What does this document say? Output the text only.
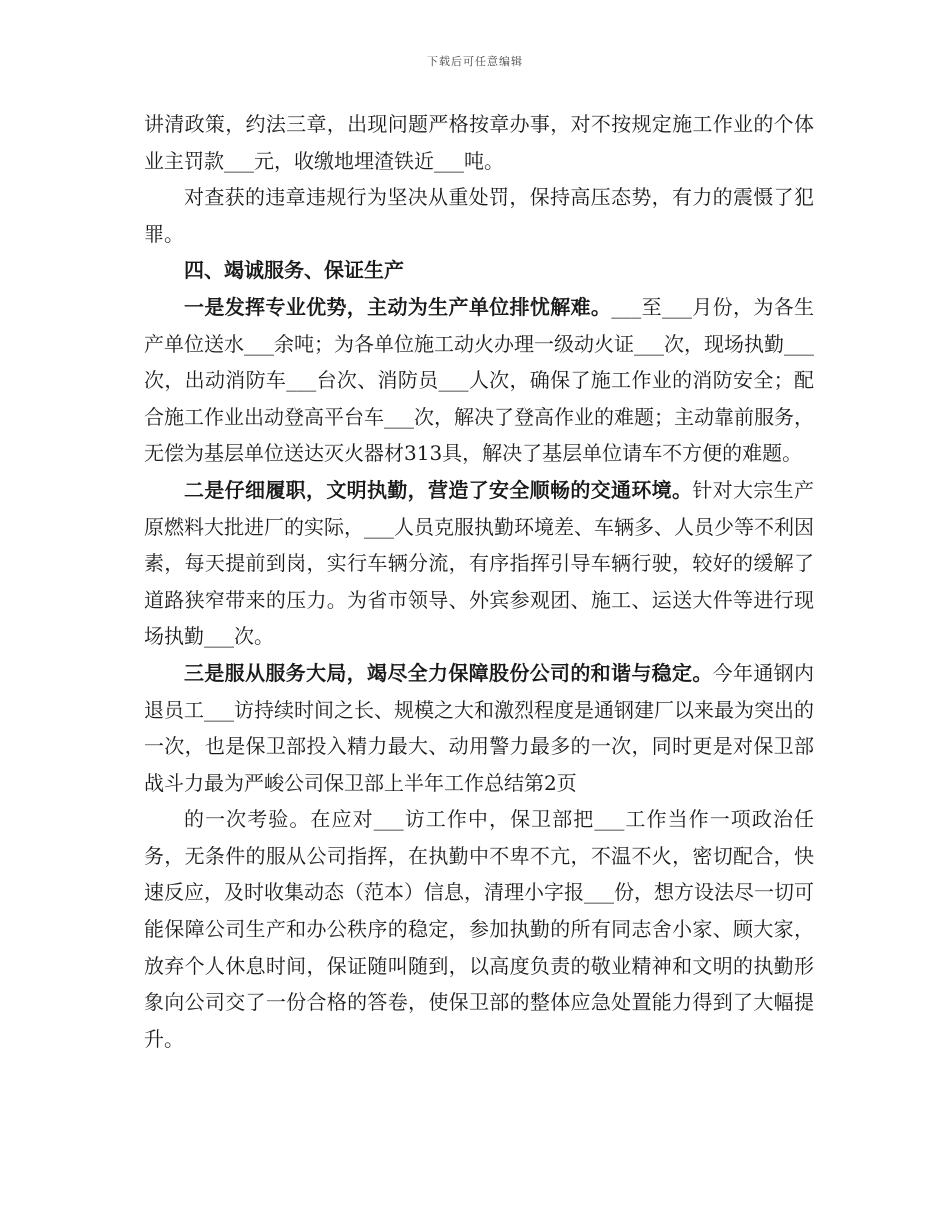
下载后可任意编辑

讲清政策，约法三章，出现问题严格按章办事，对不按规定施工作业的个体业主罚款___元，收缴地埋渣铁近___吨。

对查获的违章违规行为坚决从重处罚，保持高压态势，有力的震慑了犯罪。

四、竭诚服务、保证生产

一是发挥专业优势，主动为生产单位排忧解难。___至___月份，为各生产单位送水___余吨；为各单位施工动火办理一级动火证___次，现场执勤___次，出动消防车___台次、消防员___人次，确保了施工作业的消防安全；配合施工作业出动登高平台车___次，解决了登高作业的难题；主动靠前服务，无偿为基层单位送达灭火器材313具，解决了基层单位请车不方便的难题。

二是仔细履职，文明执勤，营造了安全顺畅的交通环境。针对大宗生产原燃料大批进厂的实际，___人员克服执勤环境差、车辆多、人员少等不利因素，每天提前到岗，实行车辆分流，有序指挥引导车辆行驶，较好的缓解了道路狭窄带来的压力。为省市领导、外宾参观团、施工、运送大件等进行现场执勤___次。

三是服从服务大局，竭尽全力保障股份公司的和谐与稳定。今年通钢内退员工___访持续时间之长、规模之大和激烈程度是通钢建厂以来最为突出的一次，也是保卫部投入精力最大、动用警力最多的一次，同时更是对保卫部战斗力最为严峻公司保卫部上半年工作总结第2页

的一次考验。在应对___访工作中，保卫部把___工作当作一项政治任务，无条件的服从公司指挥，在执勤中不卑不亢，不温不火，密切配合，快速反应，及时收集动态（范本）信息，清理小字报___份，想方设法尽一切可能保障公司生产和办公秩序的稳定，参加执勤的所有同志舍小家、顾大家，放弃个人休息时间，保证随叫随到，以高度负责的敬业精神和文明的执勤形象向公司交了一份合格的答卷，使保卫部的整体应急处置能力得到了大幅提升。
